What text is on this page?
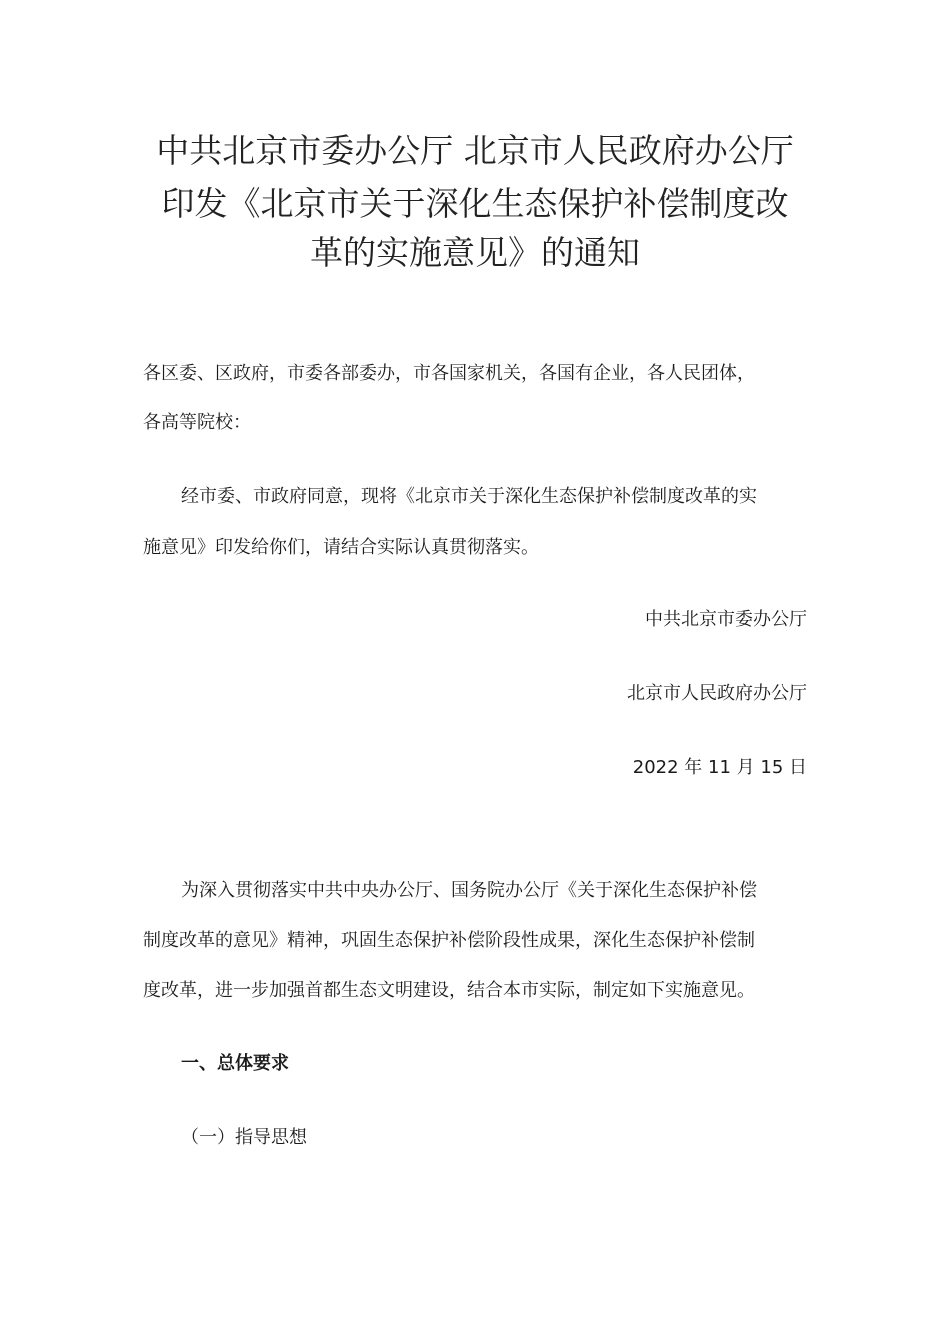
中共北京市委办公厅 北京市人民政府办公厅
印发《北京市关于深化生态保护补偿制度改
革的实施意见》的通知
各区委、区政府，市委各部委办，市各国家机关，各国有企业，各人民团体，
各高等院校：
经市委、市政府同意，现将《北京市关于深化生态保护补偿制度改革的实
施意见》印发给你们，请结合实际认真贯彻落实。
中共北京市委办公厅
北京市人民政府办公厅
2022 年 11 月 15 日
为深入贯彻落实中共中央办公厅、国务院办公厅《关于深化生态保护补偿
制度改革的意见》精神，巩固生态保护补偿阶段性成果，深化生态保护补偿制
度改革，进一步加强首都生态文明建设，结合本市实际，制定如下实施意见。
一、总体要求
（一）指导思想
